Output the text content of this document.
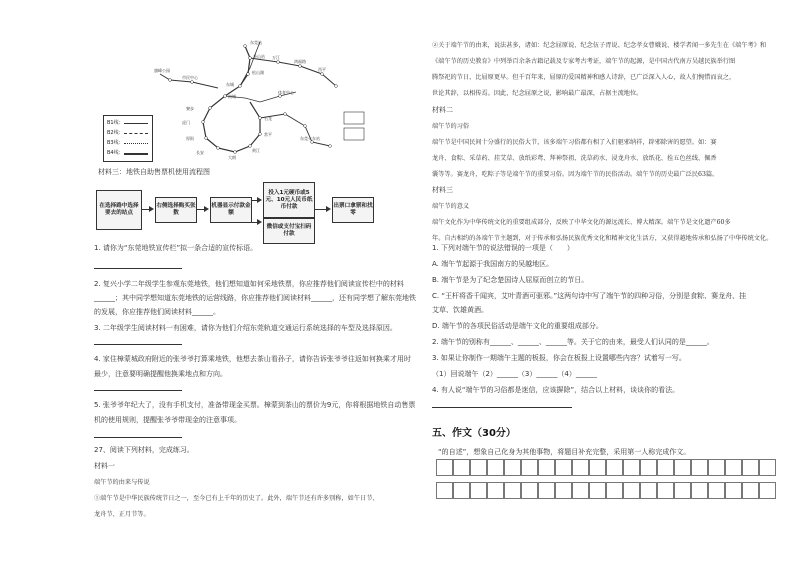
东莞站
茶山站
松山湖
东城
南城
寮步
虎门
厚街
长安
大朗
黄江
常平
石龙
万江
鸿福路
西平
市民中心
旗峰公园
体育中心
东莞火车站
B1线：
B2线：
B3线：
B4线：
材料三：地铁自助售票机使用流程图
在选择路中选择要去的站点
右侧选择购买张数
机器显示付款金额
投入1元硬币或5元、10元人民币纸币付款
微信或支付宝扫码付款
出票口拿票和找零
1. 请你为“东莞地铁宣传栏”拟一条合适的宣传标语。
2. 复兴小学二年级学生参观东莞地铁，他们想知道如何采地铁票，你应推荐他们阅读宣传栏中的材料
______；其中同学想知道东莞地铁的运营线路，你应推荐他们阅读材料______，还有同学想了解东莞地铁
的发展，你应推荐他们阅读材料______。
3. 二年级学生阅读材料一有困难，请你为他们介绍东莞轨道交通运行系统选择的车型及选择原因。
4. 家住樟蒙城政府附近的张爷爷打算乘地铁，他想去茶山看孙子，请你告诉张爷爷往返如何换乘才用时
最少，注意要明确提醒他换乘地点和方向。
5. 张爷爷年纪大了，没有手机支付，准备带现金买票。樟蒙到茶山的票价为9元，你将根据地铁自动售票
机的使用规则，提醒张爷爷带现金的注意事项。
27、阅读下列材料，完成练习。
材料一
端午节的由来与传说
①端午节是中华民族传统节日之一，至今已有上千年的历史了。此外，端午节还有许多别称，如午日节、
龙舟节、正月节等。
②关于端午节的由来，说法甚多，诸如：纪念屈原说、纪念伍子胥说、纪念孝女曹娥说、楼学者闻一多先生在《端午考》和
《端午节的历史教育》中列举百余条古籍记载及专家考古考证，端午节的起源，是中国古代南方吴越民族举行图
腾祭祀的节日，比屈原更早。但千百年来，屈原的爱国精神和感人诗辞，已广泛深入人心，故人们惋惜而哀之，
世论其辞，以相传焉。因此，纪念屈原之说，影响最广最深，占据主流地位。
材料二
端午节的习俗
端午节是中国民间十分盛行的民俗大节，该多端午习俗都有相了入们驱邪纳祥，辟邪除害的愿望。如：赛
龙舟、食粽、采草药、挂艾草、放纸彩鸢、拜神祭祖、洗草药水、浸龙舟水、放纸花、拴五色丝线、佩香
囊等等。赛龙舟，吃粽子等是端午节的重要习俗。因为端午节的民俗活动。端午节的历史最广泛民63篇。
材料三
端午节的意义
端午文化作为中华传统文化的重要组成部分，反映了中华文化的源远流长、博大精深。端午节是文化遗产60多
年。自古相约的各端午节主题到，对于传承和弘扬民族优秀文化和精神文化生活方，又获得越地传承和弘扬了中华传统文化。
1. 下列对端午节的说法错误的一项是（　　）
A. 端午节起源于我国南方的吴越地区。
B. 端午节是为了纪念楚国诗人屈原而创立的节日。
C. “王杆将香千闻宾，艾叶青酒可驱邪。”这两句诗中写了端午节的四种习俗，分别是食粽、赛龙舟、挂
艾草、饮雄黄酒。
D. 端午节的各项民俗活动是端午文化的重要组成部分。
2. 端午节的别称有______、______、______等。关于它的由来，最受人们认同的是______。
3. 如果让你制作一期端午主题的板报，你会在板报上设置哪些内容？试着写一写。
（1）回说端午（2）______（3）______（4）______
4. 有人说“端午节的习俗都是迷信，应该摒除”，结合以上材料，谈谈你的看法。
五、作文（30分）
“的自述”，想象自己化身为其他事物，将题目补充完整，采用第一人称完成作文。
